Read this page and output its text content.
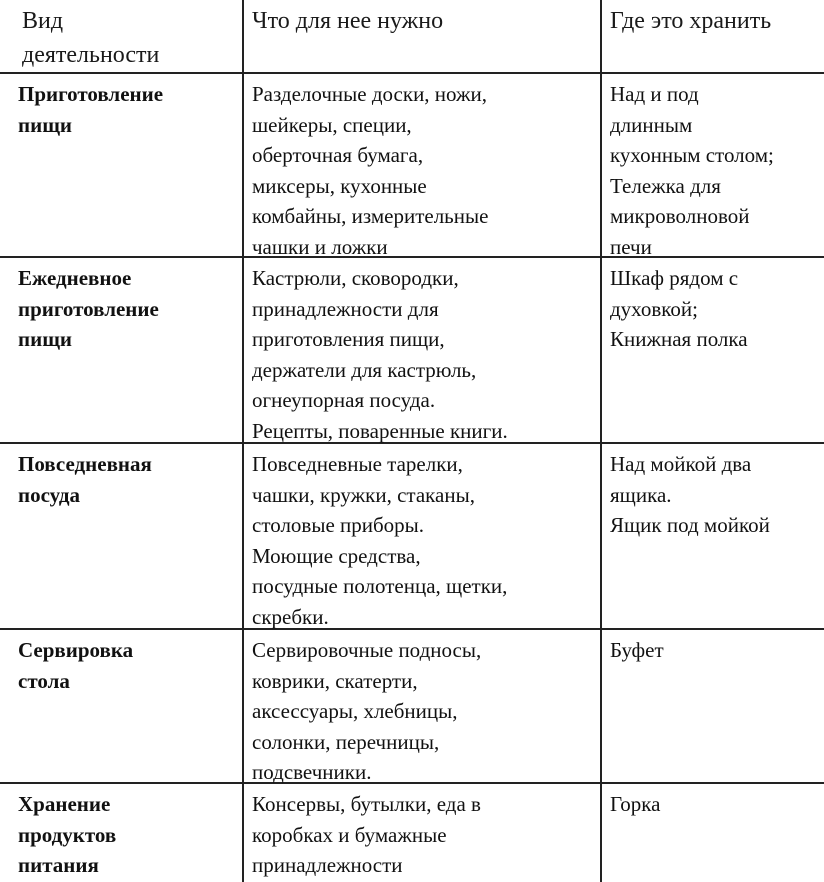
Вид
деятельности
Что для нее нужно	Где это хранить
Приготовление
пищи
Разделочные доски, ножи,
шейкеры, специи,
оберточная бумага,
миксеры, кухонные
комбайны, измерительные
чашки и ложки
Над и под
длинным
кухонным столом;
Тележка для
микроволновой
печи
Ежедневное
приготовление
пищи
Кастрюли, сковородки,
принадлежности для
приготовления пищи,
держатели для кастрюль,
огнеупорная посуда.
Рецепты, поваренные книги.
Шкаф рядом с
духовкой;
Книжная полка
Повседневная
посуда
Повседневные тарелки,
чашки, кружки, стаканы,
столовые приборы.
Моющие средства,
посудные полотенца, щетки,
скребки.
Над мойкой два
ящика.
Ящик под мойкой
Сервировка
стола
Сервировочные подносы,
коврики, скатерти,
аксессуары, хлебницы,
солонки, перечницы,
подсвечники.
Буфет
Хранение
продуктов
питания
Консервы, бутылки, еда в
коробках и бумажные
принадлежности
Горка
